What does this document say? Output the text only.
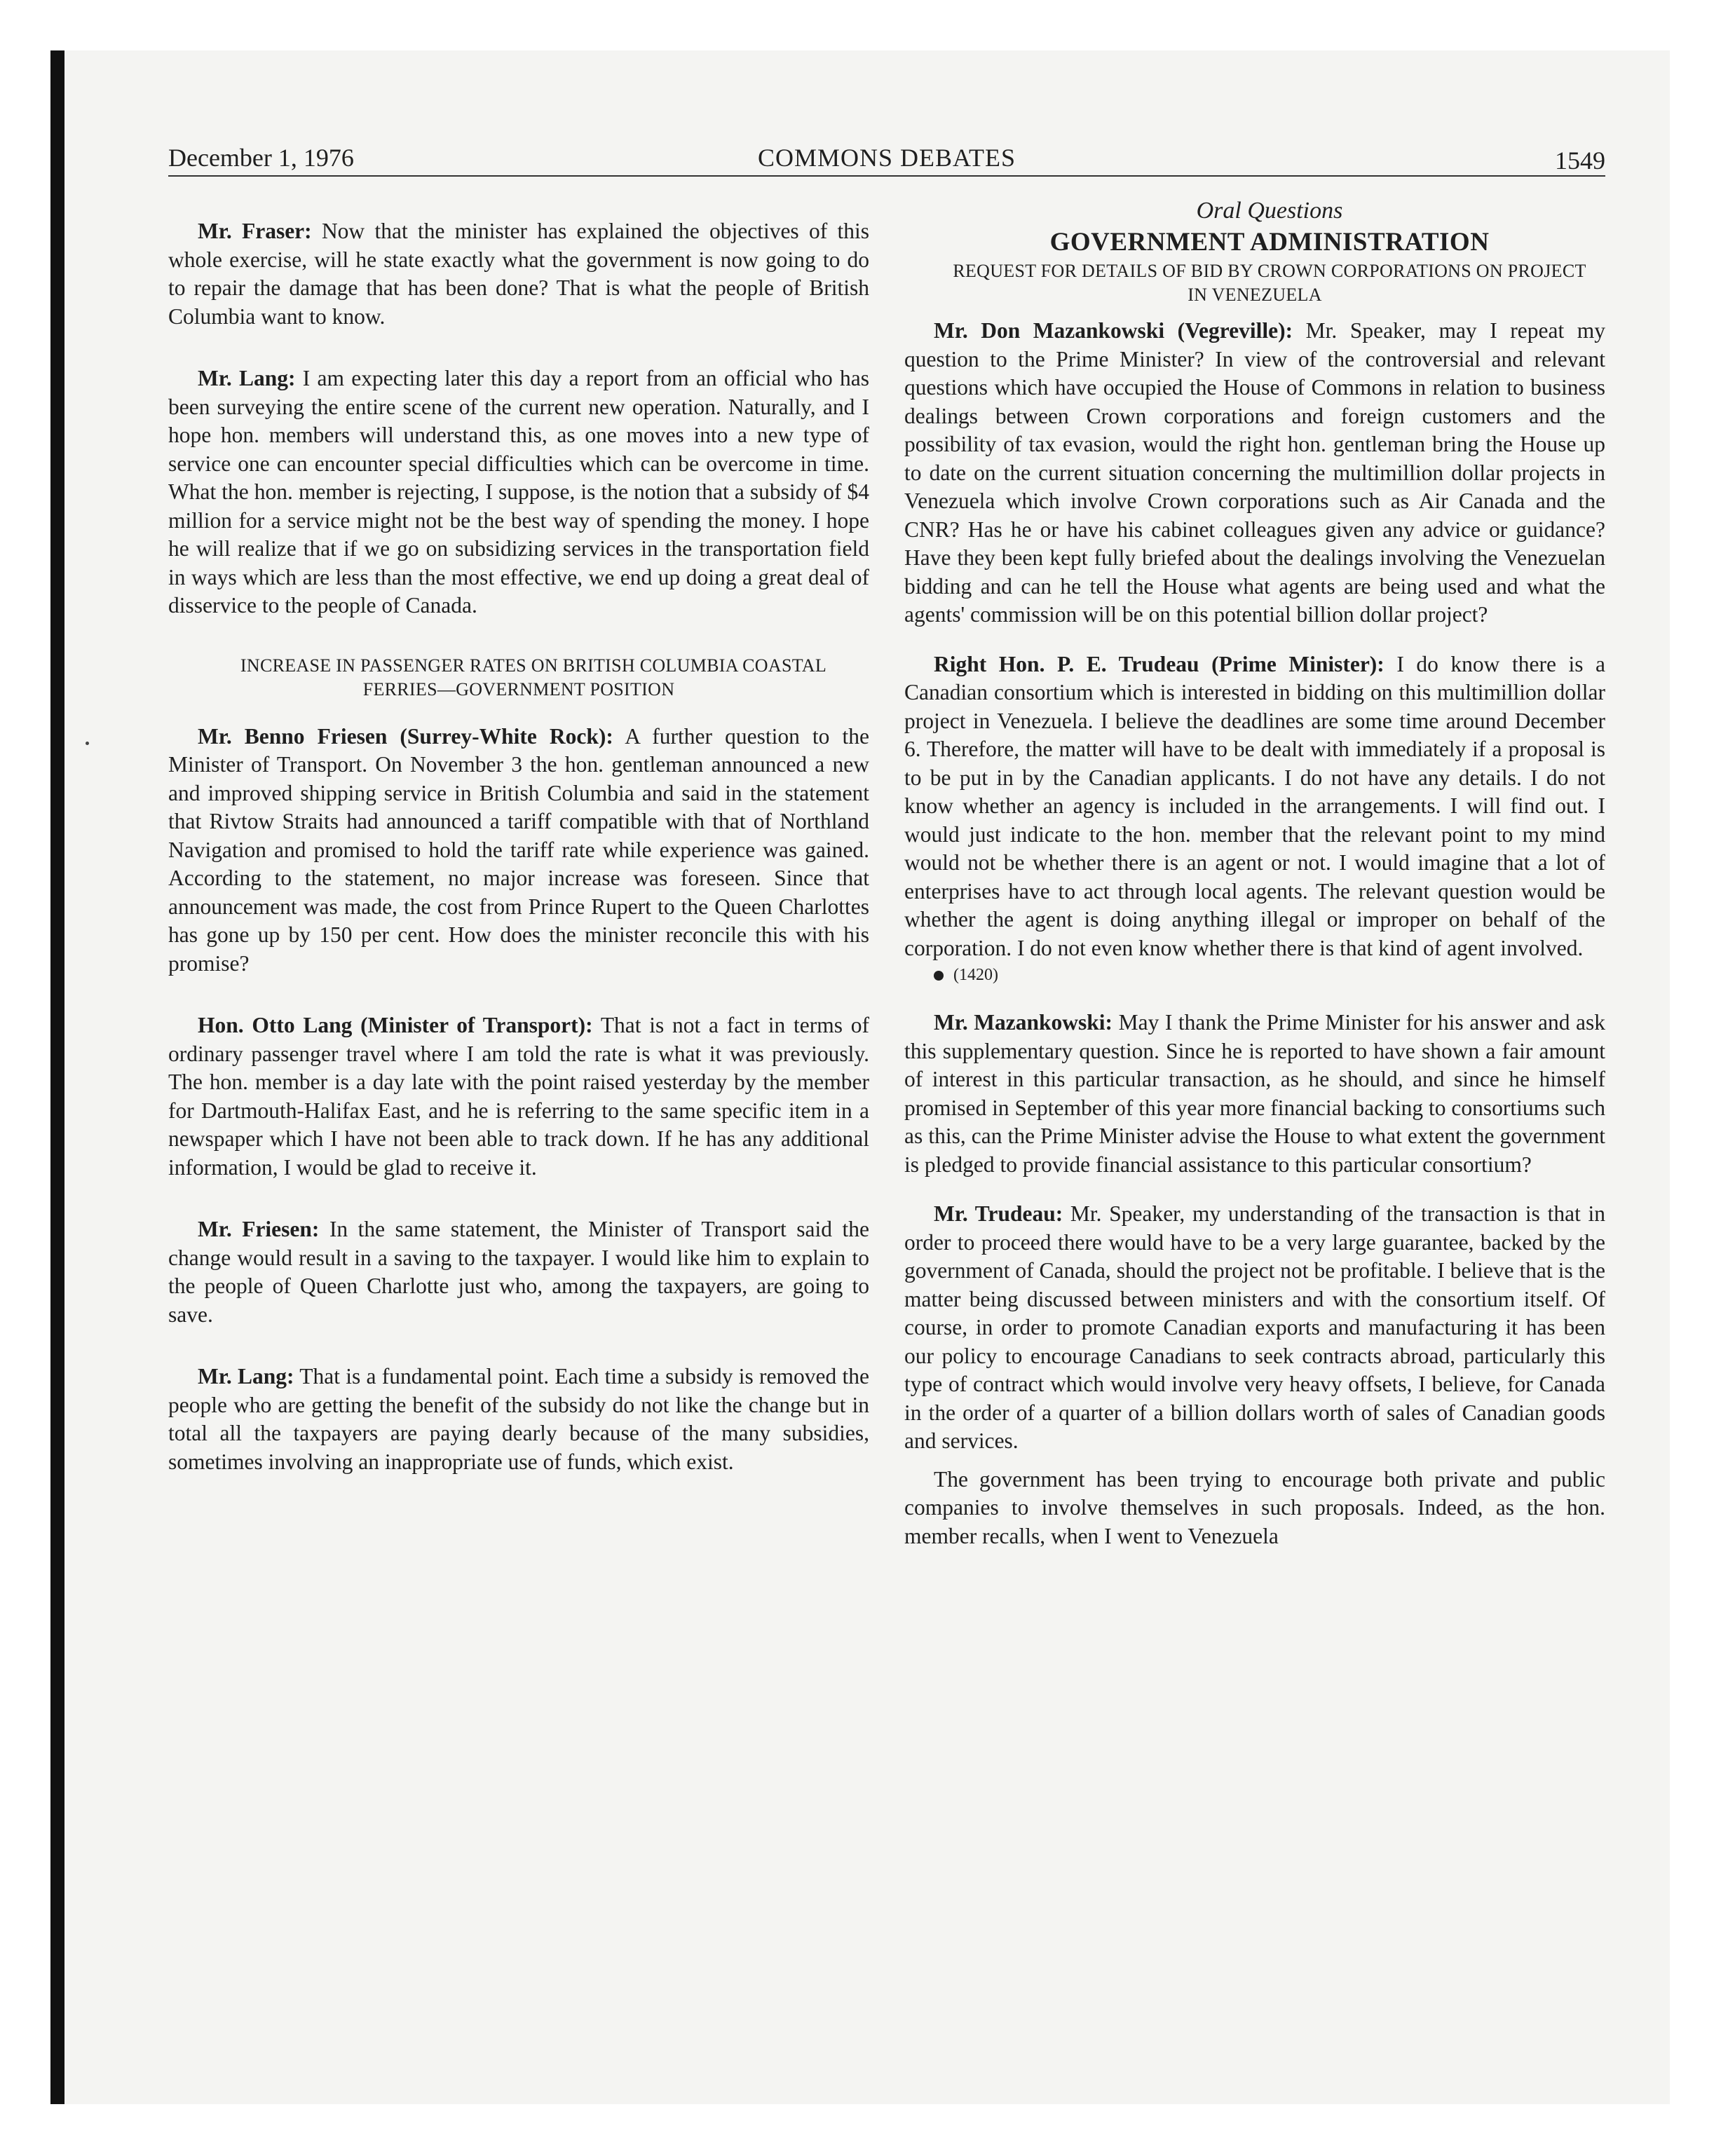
December 1, 1976	COMMONS DEBATES	1549

Mr. Fraser: Now that the minister has explained the objectives of this whole exercise, will he state exactly what the government is now going to do to repair the damage that has been done? That is what the people of British Columbia want to know.

Mr. Lang: I am expecting later this day a report from an official who has been surveying the entire scene of the current new operation. Naturally, and I hope hon. members will understand this, as one moves into a new type of service one can encounter special difficulties which can be overcome in time. What the hon. member is rejecting, I suppose, is the notion that a subsidy of $4 million for a service might not be the best way of spending the money. I hope he will realize that if we go on subsidizing services in the transportation field in ways which are less than the most effective, we end up doing a great deal of disservice to the people of Canada.

INCREASE IN PASSENGER RATES ON BRITISH COLUMBIA COASTAL FERRIES—GOVERNMENT POSITION

Mr. Benno Friesen (Surrey-White Rock): A further question to the Minister of Transport. On November 3 the hon. gentleman announced a new and improved shipping service in British Columbia and said in the statement that Rivtow Straits had announced a tariff compatible with that of Northland Navigation and promised to hold the tariff rate while experience was gained. According to the statement, no major increase was foreseen. Since that announcement was made, the cost from Prince Rupert to the Queen Charlottes has gone up by 150 per cent. How does the minister reconcile this with his promise?

Hon. Otto Lang (Minister of Transport): That is not a fact in terms of ordinary passenger travel where I am told the rate is what it was previously. The hon. member is a day late with the point raised yesterday by the member for Dartmouth-Halifax East, and he is referring to the same specific item in a newspaper which I have not been able to track down. If he has any additional information, I would be glad to receive it.

Mr. Friesen: In the same statement, the Minister of Transport said the change would result in a saving to the taxpayer. I would like him to explain to the people of Queen Charlotte just who, among the taxpayers, are going to save.

Mr. Lang: That is a fundamental point. Each time a subsidy is removed the people who are getting the benefit of the subsidy do not like the change but in total all the taxpayers are paying dearly because of the many subsidies, sometimes involving an inappropriate use of funds, which exist.

Oral Questions

GOVERNMENT ADMINISTRATION

REQUEST FOR DETAILS OF BID BY CROWN CORPORATIONS ON PROJECT IN VENEZUELA

Mr. Don Mazankowski (Vegreville): Mr. Speaker, may I repeat my question to the Prime Minister? In view of the controversial and relevant questions which have occupied the House of Commons in relation to business dealings between Crown corporations and foreign customers and the possibility of tax evasion, would the right hon. gentleman bring the House up to date on the current situation concerning the multimillion dollar projects in Venezuela which involve Crown corporations such as Air Canada and the CNR? Has he or have his cabinet colleagues given any advice or guidance? Have they been kept fully briefed about the dealings involving the Venezuelan bidding and can he tell the House what agents are being used and what the agents' commission will be on this potential billion dollar project?

Right Hon. P. E. Trudeau (Prime Minister): I do know there is a Canadian consortium which is interested in bidding on this multimillion dollar project in Venezuela. I believe the deadlines are some time around December 6. Therefore, the matter will have to be dealt with immediately if a proposal is to be put in by the Canadian applicants. I do not have any details. I do not know whether an agency is included in the arrangements. I will find out. I would just indicate to the hon. member that the relevant point to my mind would not be whether there is an agent or not. I would imagine that a lot of enterprises have to act through local agents. The relevant question would be whether the agent is doing anything illegal or improper on behalf of the corporation. I do not even know whether there is that kind of agent involved.

(1420)

Mr. Mazankowski: May I thank the Prime Minister for his answer and ask this supplementary question. Since he is reported to have shown a fair amount of interest in this particular transaction, as he should, and since he himself promised in September of this year more financial backing to consortiums such as this, can the Prime Minister advise the House to what extent the government is pledged to provide financial assistance to this particular consortium?

Mr. Trudeau: Mr. Speaker, my understanding of the transaction is that in order to proceed there would have to be a very large guarantee, backed by the government of Canada, should the project not be profitable. I believe that is the matter being discussed between ministers and with the consortium itself. Of course, in order to promote Canadian exports and manufacturing it has been our policy to encourage Canadians to seek contracts abroad, particularly this type of contract which would involve very heavy offsets, I believe, for Canada in the order of a quarter of a billion dollars worth of sales of Canadian goods and services.

The government has been trying to encourage both private and public companies to involve themselves in such proposals. Indeed, as the hon. member recalls, when I went to Venezuela
